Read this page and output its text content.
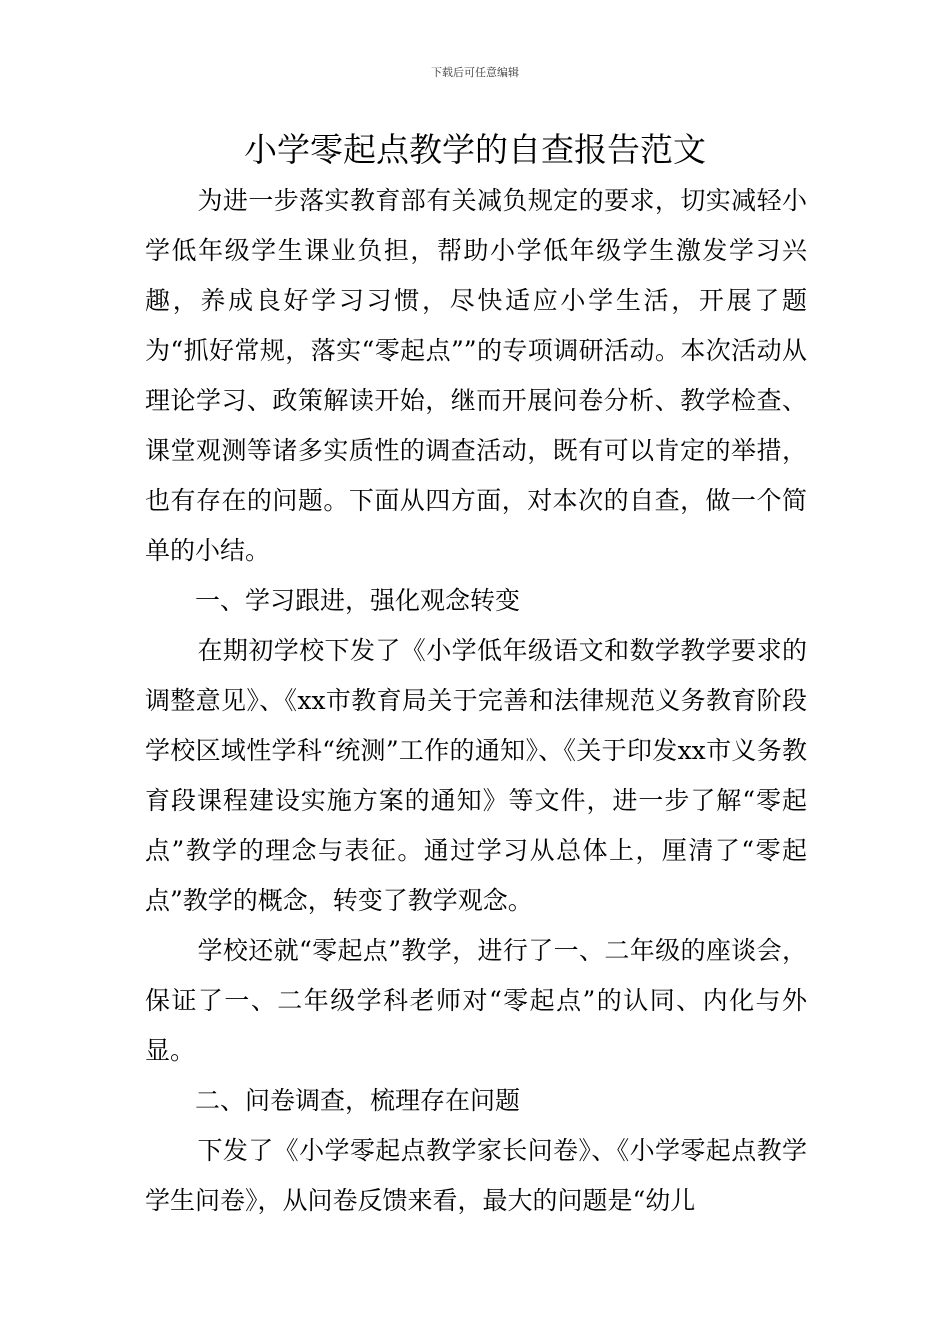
下载后可任意编辑
小学零起点教学的自查报告范文

为进一步落实教育部有关减负规定的要求，切实减轻小学低年级学生课业负担，帮助小学低年级学生激发学习兴趣，养成良好学习习惯，尽快适应小学生活，开展了题为“抓好常规，落实“零起点””的专项调研活动。本次活动从理论学习、政策解读开始，继而开展问卷分析、教学检查、课堂观测等诸多实质性的调查活动，既有可以肯定的举措，也有存在的问题。下面从四方面，对本次的自查，做一个简单的小结。

一、学习跟进，强化观念转变

在期初学校下发了《小学低年级语文和数学教学要求的调整意见》、《xx市教育局关于完善和法律规范义务教育阶段学校区域性学科“统测”工作的通知》、《关于印发xx市义务教育段课程建设实施方案的通知》等文件，进一步了解“零起点”教学的理念与表征。通过学习从总体上，厘清了“零起点”教学的概念，转变了教学观念。

学校还就“零起点”教学，进行了一、二年级的座谈会，保证了一、二年级学科老师对“零起点”的认同、内化与外显。

二、问卷调查，梳理存在问题

下发了《小学零起点教学家长问卷》、《小学零起点教学学生问卷》，从问卷反馈来看，最大的问题是“幼儿
